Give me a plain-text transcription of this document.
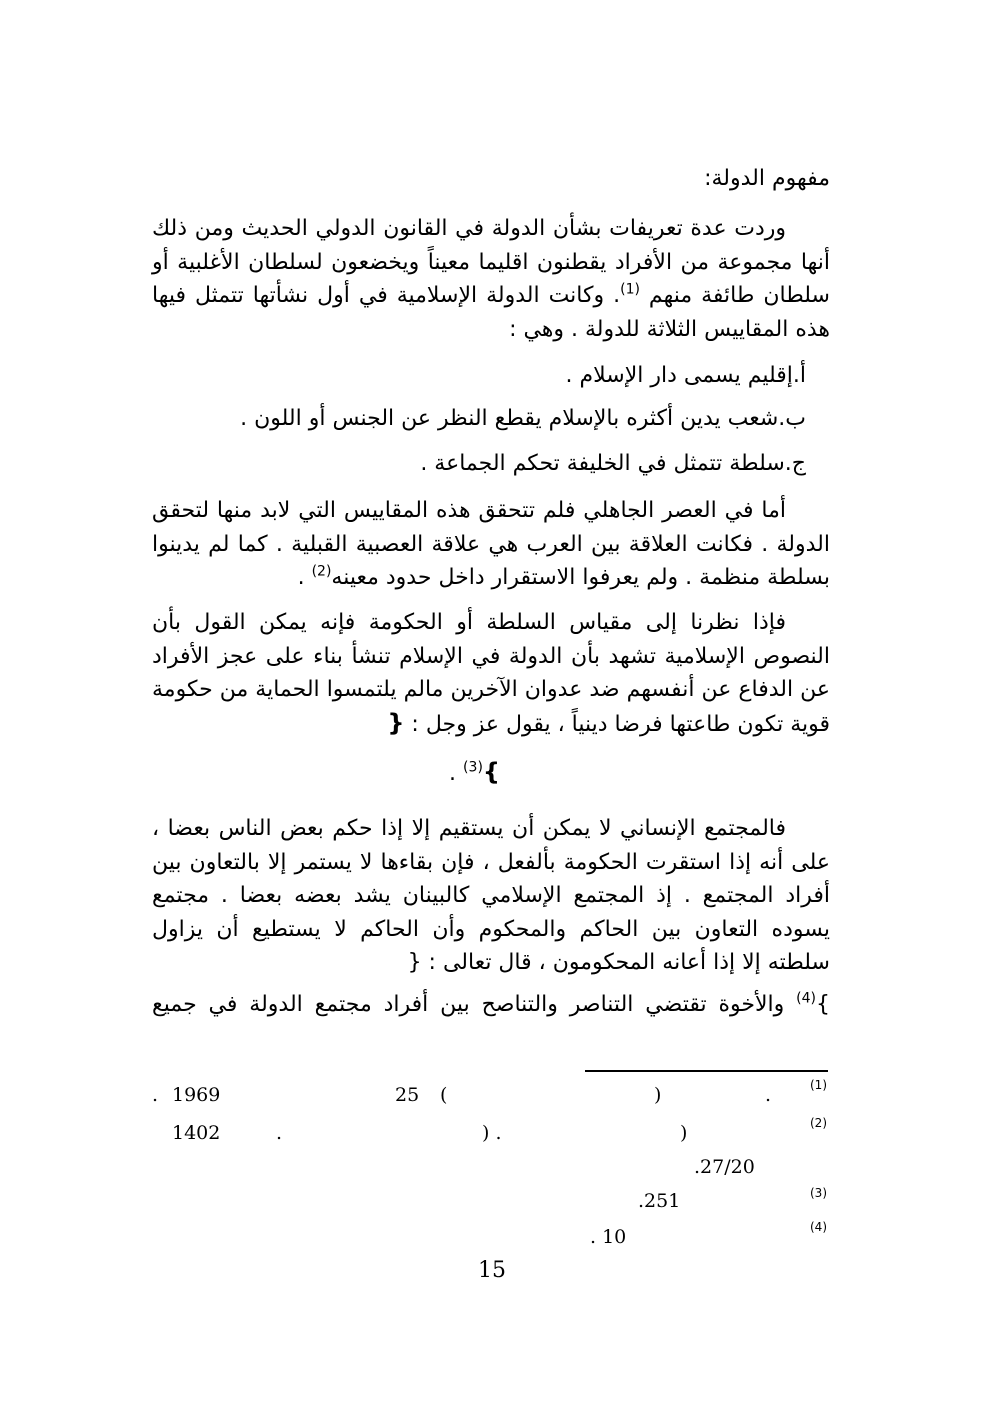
مفهوم الدولة:
وردت عدة تعريفات بشأن الدولة في القانون الدولي الحديث ومن ذلك أنها مجموعة من الأفراد يقطنون اقليما معيناً ويخضعون لسلطان الأغلبية أو سلطان طائفة منهم $^{(1)}$. وكانت الدولة الإسلامية في أول نشأتها تتمثل فيها هذه المقاييس الثلاثة للدولة . وهي :
أ.إقليم يسمى دار الإسلام .
ب.شعب يدين أكثره بالإسلام يقطع النظر عن الجنس أو اللون .
ج.سلطة تتمثل في الخليفة تحكم الجماعة .
أما في العصر الجاهلي فلم تتحقق هذه المقاييس التي لابد منها لتحقق الدولة . فكانت العلاقة بين العرب هي علاقة العصبية القبلية . كما لم يدينوا بسلطة منظمة . ولم يعرفوا الاستقرار داخل حدود معينه$^{(2)}$ .
فإذا نظرنا إلى مقياس السلطة أو الحكومة فإنه يمكن القول بأن النصوص الإسلامية تشهد بأن الدولة في الإسلام تنشأ بناء على عجز الأفراد عن الدفاع عن أنفسهم ضد عدوان الآخرين مالم يلتمسوا الحماية من حكومة قوية تكون طاعتها فرضا دينياً ، يقول عز وجل : {
}$^{(3)}$ .
فالمجتمع الإنساني لا يمكن أن يستقيم إلا إذا حكم بعض الناس بعضا ، على أنه إذا استقرت الحكومة بألفعل ، فإن بقاءها لا يستمر إلا بالتعاون بين أفراد المجتمع . إذ المجتمع الإسلامي كالبينان يشد بعضه بعضا . مجتمع يسوده التعاون بين الحاكم والمحكوم وأن الحاكم لا يستطيع أن يزاول سلطته إلا إذا أعانه المحكومون ، قال تعالى : {
}$^{(4)}$ والأخوة تقتضي التناصر والتناصح بين أفراد مجتمع الدولة في جميع
(1)
.
)
(
25
1969
.
(2)
)
) .
.
1402
.27/20
(3)
.251
(4)
. 10
15
